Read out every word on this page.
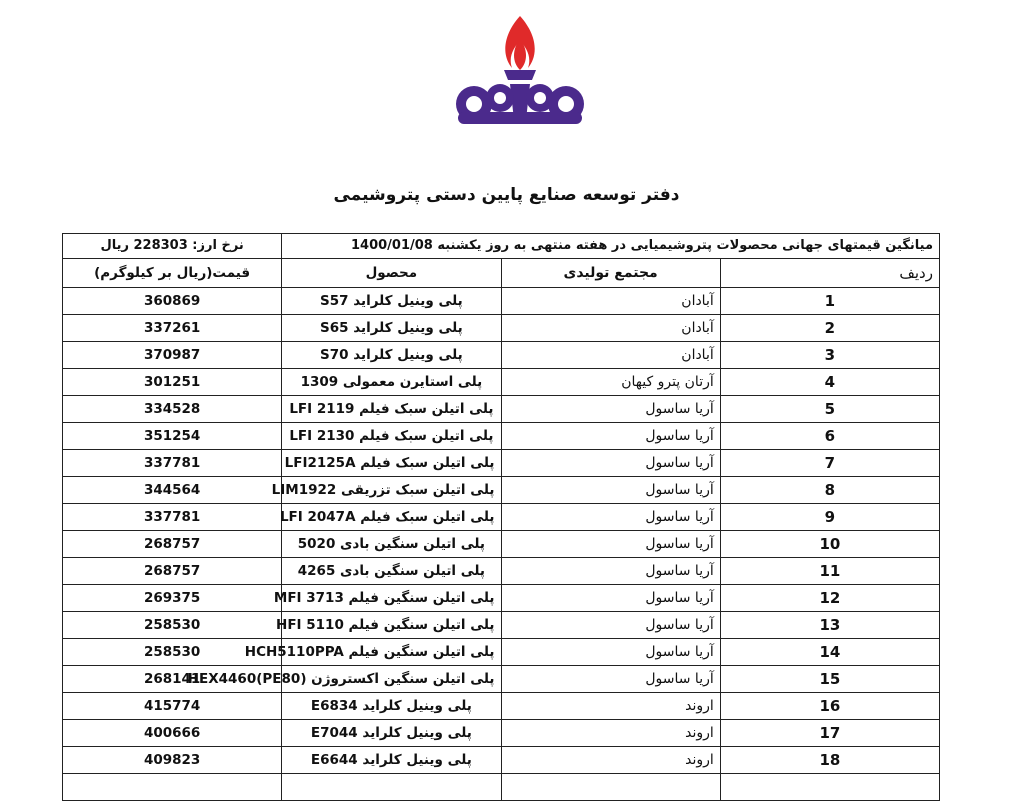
دفتر توسعه صنایع پایین دستی پتروشیمی
میانگین قیمتهای جهانی محصولات پتروشیمیایی در هفته منتهی به روز یکشنبه 1400/01/08			نرخ ارز: 228303 ریال
ردیف	مجتمع تولیدی	محصول	قیمت(ریال بر کیلوگرم)
1	آبادان	پلی وینیل کلراید S57	360869
2	آبادان	پلی وینیل کلراید S65	337261
3	آبادان	پلی وینیل کلراید S70	370987
4	آرتان پترو کیهان	پلی استایرن معمولی 1309	301251
5	آریا ساسول	پلی اتیلن سبک فیلم LFI 2119	334528
6	آریا ساسول	پلی اتیلن سبک فیلم LFI 2130	351254
7	آریا ساسول	پلی اتیلن سبک فیلم LFI2125A	337781
8	آریا ساسول	پلی اتیلن سبک تزریقی LIM1922	344564
9	آریا ساسول	پلی اتیلن سبک فیلم LFI 2047A	337781
10	آریا ساسول	پلی اتیلن سنگین بادی 5020	268757
11	آریا ساسول	پلی اتیلن سنگین بادی 4265	268757
12	آریا ساسول	پلی اتیلن سنگین فیلم MFI 3713	269375
13	آریا ساسول	پلی اتیلن سنگین فیلم HFI 5110	258530
14	آریا ساسول	پلی اتیلن سنگین فیلم HCH5110PPA	258530
15	آریا ساسول	پلی اتیلن سنگین اکستروژن (PE80)HEX4460	268141
16	اروند	پلی وینیل کلراید E6834	415774
17	اروند	پلی وینیل کلراید E7044	400666
18	اروند	پلی وینیل کلراید E6644	409823
